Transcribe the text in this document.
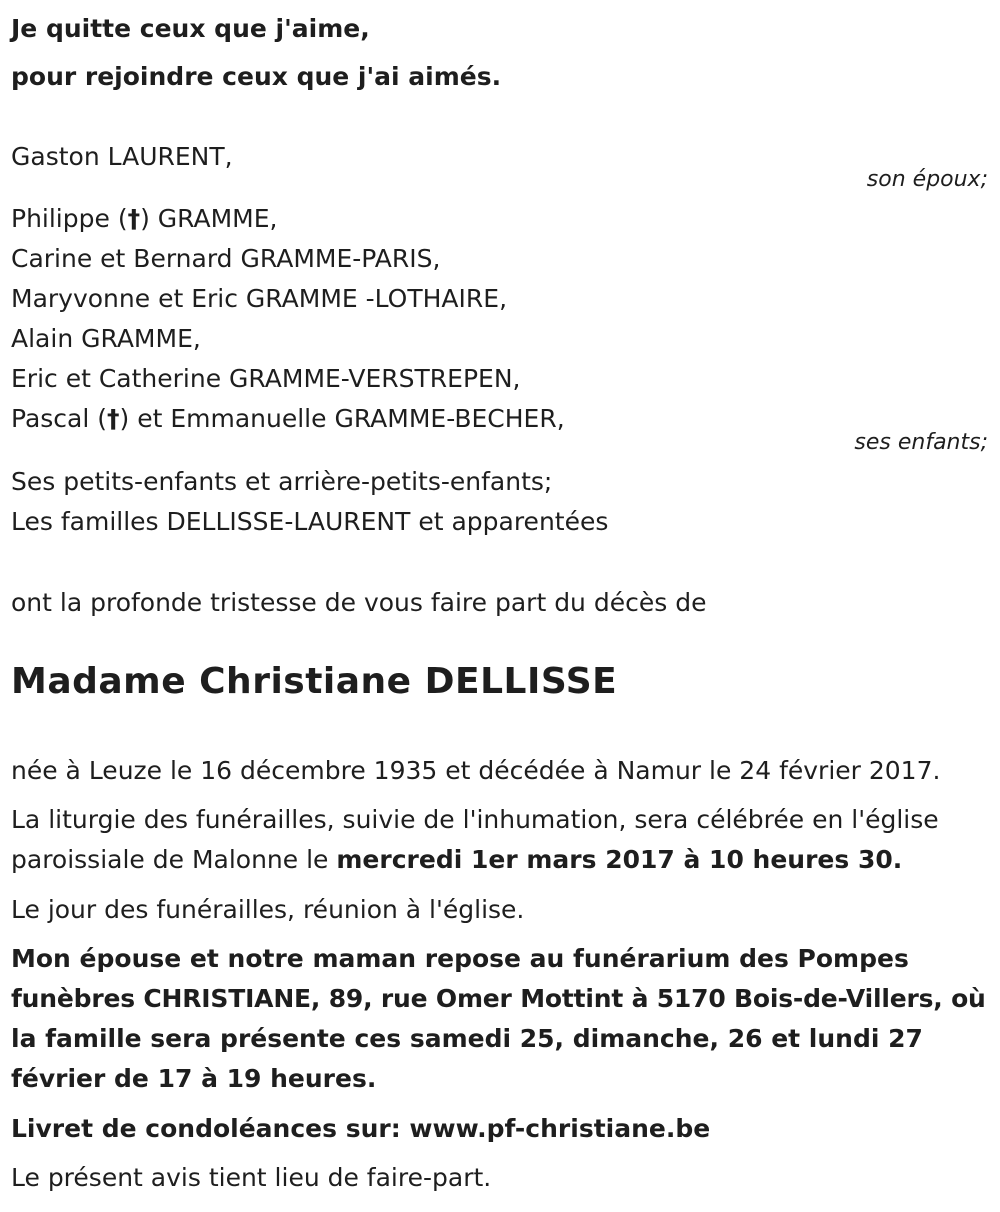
Je quitte ceux que j'aime,
pour rejoindre ceux que j'ai aimés.
Gaston LAURENT,
son époux;
Philippe (†) GRAMME,
Carine et Bernard GRAMME-PARIS,
Maryvonne et Eric GRAMME -LOTHAIRE,
Alain GRAMME,
Eric et Catherine GRAMME-VERSTREPEN,
Pascal (†) et Emmanuelle GRAMME-BECHER,
ses enfants;
Ses petits-enfants et arrière-petits-enfants;
Les familles DELLISSE-LAURENT et apparentées
ont la profonde tristesse de vous faire part du décès de
Madame Christiane DELLISSE
née à Leuze le 16 décembre 1935 et décédée à Namur le 24 février 2017.
La liturgie des funérailles, suivie de l'inhumation, sera célébrée en l'église
paroissiale de Malonne le mercredi 1er mars 2017 à 10 heures 30.
Le jour des funérailles, réunion à l'église.
Mon épouse et notre maman repose au funérarium des Pompes
funèbres CHRISTIANE, 89, rue Omer Mottint à 5170 Bois-de-Villers, où
la famille sera présente ces samedi 25, dimanche, 26 et lundi 27
février de 17 à 19 heures.
Livret de condoléances sur: www.pf-christiane.be
Le présent avis tient lieu de faire-part.
